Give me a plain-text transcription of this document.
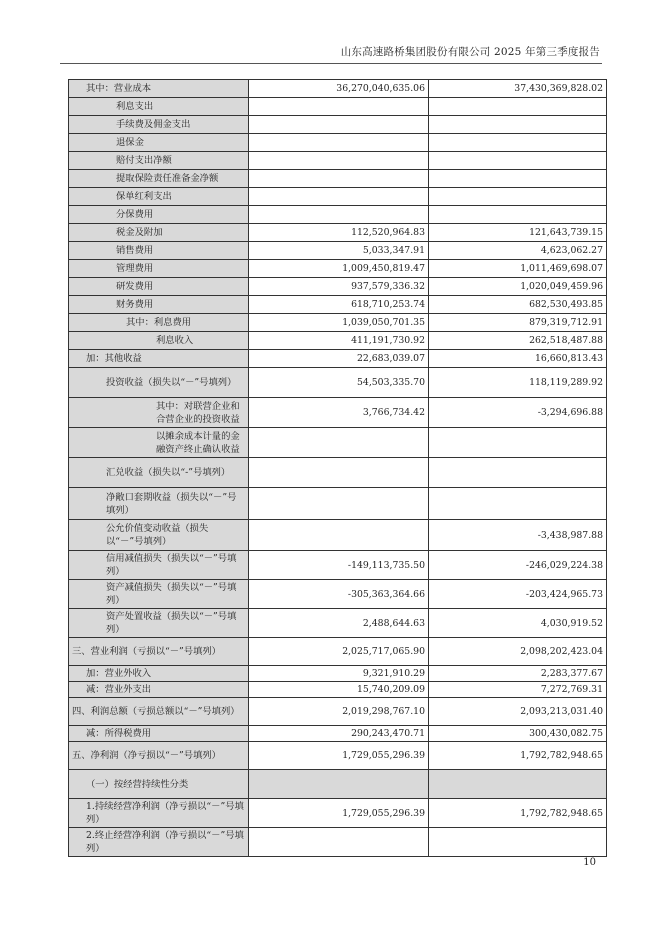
山东高速路桥集团股份有限公司 2025 年第三季度报告
其中：营业成本	36,270,040,635.06	37,430,369,828.02
利息支出		
手续费及佣金支出		
退保金		
赔付支出净额		
提取保险责任准备金净额		
保单红利支出		
分保费用		
税金及附加	112,520,964.83	121,643,739.15
销售费用	5,033,347.91	4,623,062.27
管理费用	1,009,450,819.47	1,011,469,698.07
研发费用	937,579,336.32	1,020,049,459.96
财务费用	618,710,253.74	682,530,493.85
其中：利息费用	1,039,050,701.35	879,319,712.91
利息收入	411,191,730.92	262,518,487.88
加：其他收益	22,683,039.07	16,660,813.43
投资收益（损失以“－”号填列）	54,503,335.70	118,119,289.92
其中：对联营企业和合营企业的投资收益	3,766,734.42	-3,294,696.88
以摊余成本计量的金融资产终止确认收益		
汇兑收益（损失以“-”号填列）		
净敞口套期收益（损失以“－”号填列）		
公允价值变动收益（损失以“－”号填列）		-3,438,987.88
信用减值损失（损失以“－”号填列）	-149,113,735.50	-246,029,224.38
资产减值损失（损失以“－”号填列）	-305,363,364.66	-203,424,965.73
资产处置收益（损失以“－”号填列）	2,488,644.63	4,030,919.52
三、营业利润（亏损以“－”号填列）	2,025,717,065.90	2,098,202,423.04
加：营业外收入	9,321,910.29	2,283,377.67
减：营业外支出	15,740,209.09	7,272,769.31
四、利润总额（亏损总额以“－”号填列）	2,019,298,767.10	2,093,213,031.40
减：所得税费用	290,243,470.71	300,430,082.75
五、净利润（净亏损以“－”号填列）	1,729,055,296.39	1,792,782,948.65
（一）按经营持续性分类		
1.持续经营净利润（净亏损以“－”号填列）	1,729,055,296.39	1,792,782,948.65
2.终止经营净利润（净亏损以“－”号填列）		
10
